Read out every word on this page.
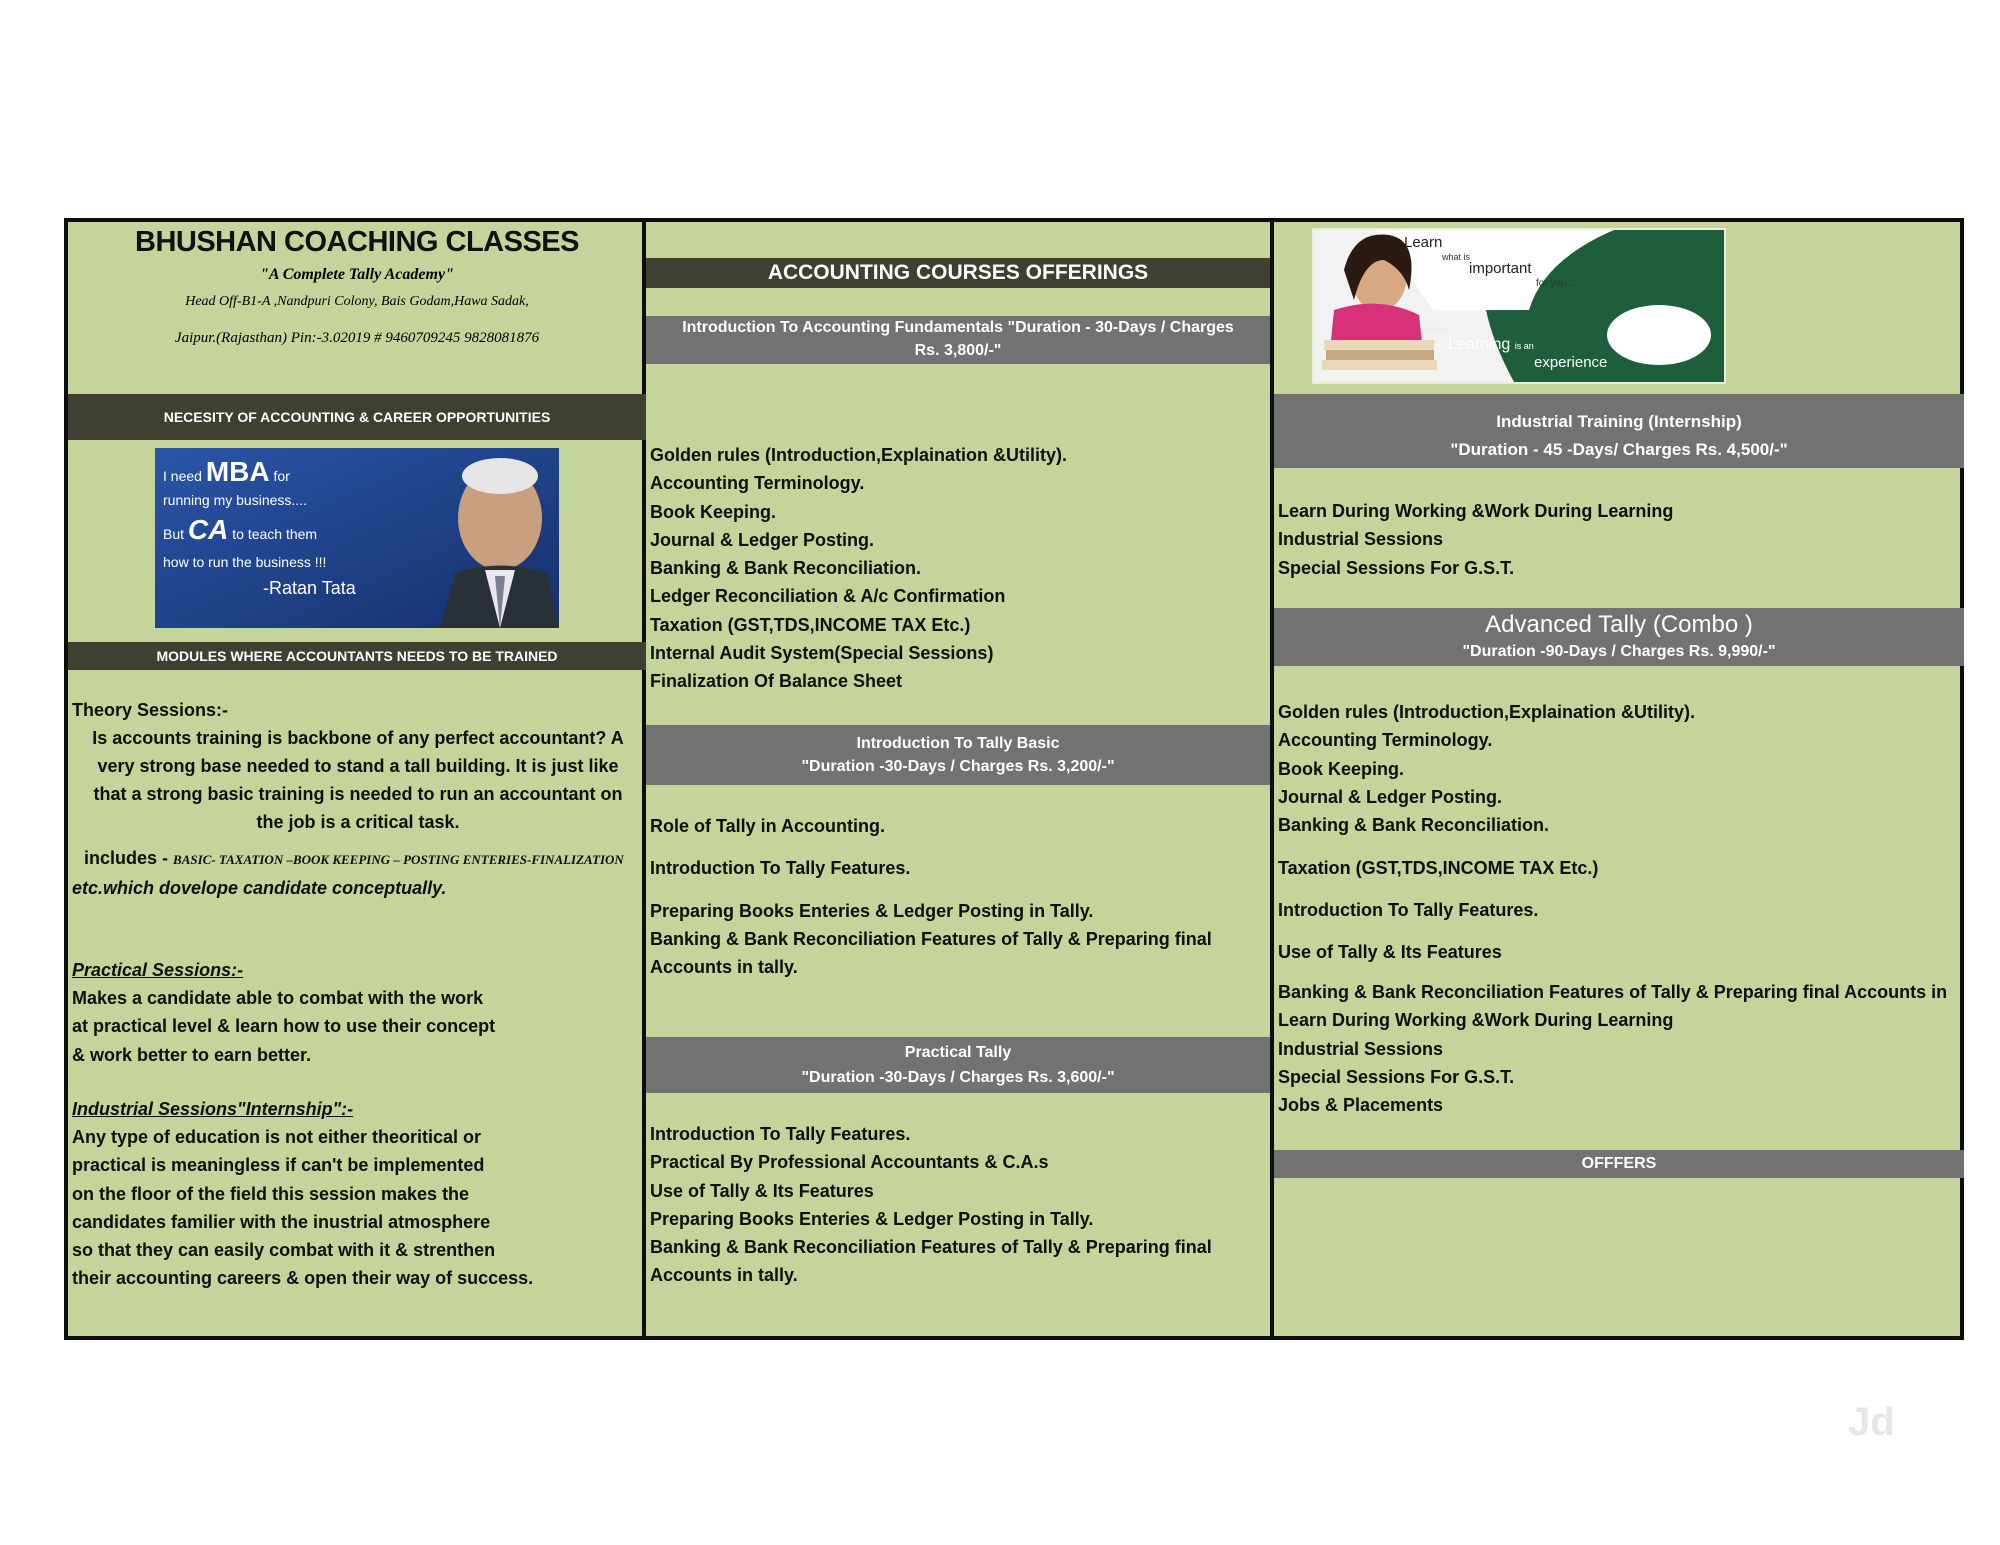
BHUSHAN COACHING CLASSES
"A Complete Tally Academy"
Head Off-B1-A ,Nandpuri Colony, Bais Godam,Hawa Sadak,
Jaipur.(Rajasthan) Pin:-3.02019 # 9460709245 9828081876
NECESITY OF ACCOUNTING & CAREER OPPORTUNITIES
I need MBA for
running my business....
But CA to teach them
how to run the business !!!
-Ratan Tata
MODULES WHERE ACCOUNTANTS NEEDS TO BE TRAINED
Theory Sessions:-
Is accounts training is backbone of any perfect accountant? A very strong base needed to stand a tall building. It is just like that a strong basic training is needed to run an accountant on the job is a critical task.
includes - BASIC- TAXATION –BOOK KEEPING – POSTING ENTERIES-FINALIZATION etc.which dovelope candidate conceptually.
Practical Sessions:-
Makes a candidate able to combat with the work
at practical level & learn how to use their concept
& work better to earn better.
Industrial Sessions"Internship":-
Any type of education is not either theoritical or
practical is meaningless if can't be implemented
on the floor of the field this session makes the
candidates familier with the inustrial atmosphere
so that they can easily combat with it & strenthen
their accounting careers & open their way of success.
ACCOUNTING COURSES OFFERINGS
Introduction To Accounting Fundamentals "Duration - 30-Days / Charges Rs. 3,800/-"
Golden rules (Introduction,Explaination &Utility).
Accounting Terminology.
Book Keeping.
Journal & Ledger Posting.
Banking & Bank Reconciliation.
Ledger Reconciliation & A/c Confirmation
Taxation (GST,TDS,INCOME TAX Etc.)
Internal Audit System(Special Sessions)
Finalization Of Balance Sheet
Introduction To Tally Basic
"Duration -30-Days / Charges Rs. 3,200/-"
Role of Tally in Accounting.
Introduction To Tally Features.
Preparing Books Enteries & Ledger Posting in Tally.
Banking & Bank Reconciliation Features of Tally & Preparing final
Accounts in tally.
Practical Tally
"Duration -30-Days / Charges Rs. 3,600/-"
Introduction To Tally Features.
Practical By Professional Accountants & C.A.s
Use of Tally & Its Features
Preparing Books Enteries & Ledger Posting in Tally.
Banking & Bank Reconciliation Features of Tally & Preparing final
Accounts in tally.
Learn
what is
important
for you....
Where
Learning is an
experience
Industrial Training (Internship)
"Duration - 45 -Days/ Charges Rs. 4,500/-"
Learn During Working &Work During Learning
Industrial Sessions
Special Sessions For G.S.T.
Advanced Tally (Combo )
"Duration -90-Days / Charges Rs. 9,990/-"
Golden rules (Introduction,Explaination &Utility).
Accounting Terminology.
Book Keeping.
Journal & Ledger Posting.
Banking & Bank Reconciliation.
Taxation (GST,TDS,INCOME TAX Etc.)
Introduction To Tally Features.
Use of Tally & Its Features
Banking & Bank Reconciliation Features of Tally & Preparing final Accounts in
Learn During Working &Work During Learning
Industrial Sessions
Special Sessions For G.S.T.
Jobs & Placements
OFFFERS
Jd
